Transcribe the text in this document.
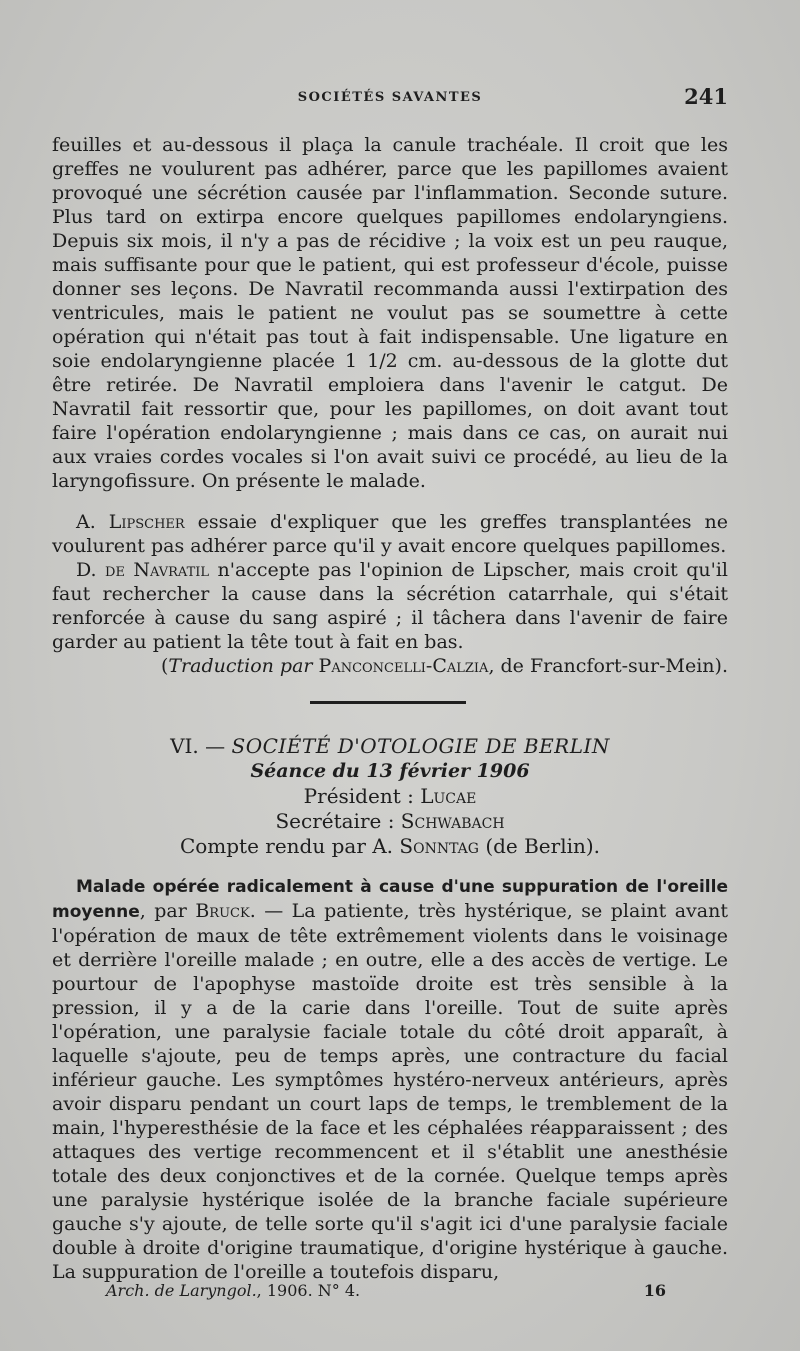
SOCIÉTÉS SAVANTES	241

feuilles et au-dessous il plaça la canule trachéale. Il croit que les greffes ne voulurent pas adhérer, parce que les papillomes avaient provoqué une sécrétion causée par l'inflammation. Seconde suture. Plus tard on extirpa encore quelques papillomes endolaryngiens. Depuis six mois, il n'y a pas de récidive ; la voix est un peu rauque, mais suffisante pour que le patient, qui est professeur d'école, puisse donner ses leçons. De Navratil recommanda aussi l'extirpation des ventricules, mais le patient ne voulut pas se soumettre à cette opération qui n'était pas tout à fait indispensable. Une ligature en soie endolaryngienne placée 1 1/2 cm. au-dessous de la glotte dut être retirée. De Navratil emploiera dans l'avenir le catgut. De Navratil fait ressortir que, pour les papillomes, on doit avant tout faire l'opération endolaryngienne ; mais dans ce cas, on aurait nui aux vraies cordes vocales si l'on avait suivi ce procédé, au lieu de la laryngofissure. On présente le malade.

A. Lipscher essaie d'expliquer que les greffes transplantées ne voulurent pas adhérer parce qu'il y avait encore quelques papillomes.

D. de Navratil n'accepte pas l'opinion de Lipscher, mais croit qu'il faut rechercher la cause dans la sécrétion catarrhale, qui s'était renforcée à cause du sang aspiré ; il tâchera dans l'avenir de faire garder au patient la tête tout à fait en bas.

(Traduction par Panconcelli-Calzia, de Francfort-sur-Mein).

VI. — SOCIÉTÉ D'OTOLOGIE DE BERLIN
Séance du 13 février 1906
Président : Lucae
Secrétaire : Schwabach
Compte rendu par A. Sonntag (de Berlin).

Malade opérée radicalement à cause d'une suppuration de l'oreille moyenne, par Bruck. — La patiente, très hystérique, se plaint avant l'opération de maux de tête extrêmement violents dans le voisinage et derrière l'oreille malade ; en outre, elle a des accès de vertige. Le pourtour de l'apophyse mastoïde droite est très sensible à la pression, il y a de la carie dans l'oreille. Tout de suite après l'opération, une paralysie faciale totale du côté droit apparaît, à laquelle s'ajoute, peu de temps après, une contracture du facial inférieur gauche. Les symptômes hystéro-nerveux antérieurs, après avoir disparu pendant un court laps de temps, le tremblement de la main, l'hyperesthésie de la face et les céphalées réapparaissent ; des attaques des vertige recommencent et il s'établit une anesthésie totale des deux conjonctives et de la cornée. Quelque temps après une paralysie hystérique isolée de la branche faciale supérieure gauche s'y ajoute, de telle sorte qu'il s'agit ici d'une paralysie faciale double à droite d'origine traumatique, d'origine hystérique à gauche. La suppuration de l'oreille a toutefois disparu,

Arch. de Laryngol., 1906. N° 4.	16
